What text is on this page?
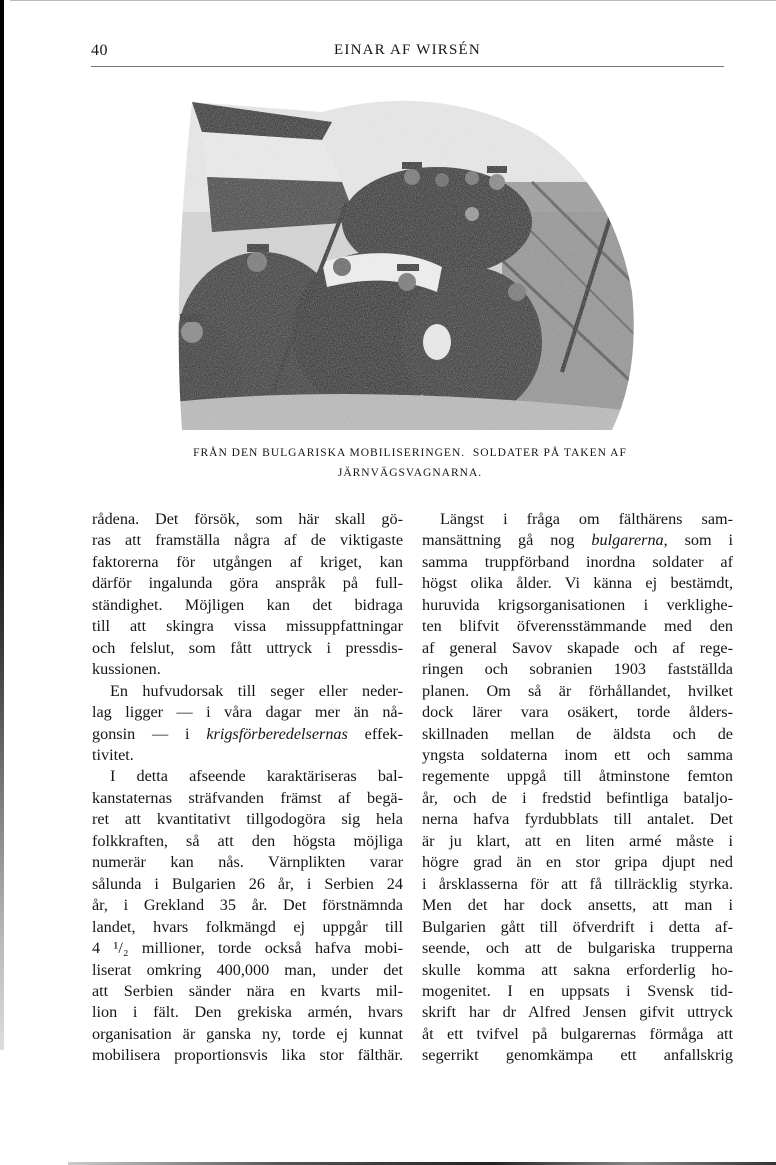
40	EINAR AF WIRSÉN
FRÅN DEN BULGARISKA MOBILISERINGEN.  SOLDATER PÅ TAKEN AF
JÄRNVÄGSVAGNARNA.
rådena. Det försök, som här skall gö-
ras att framställa några af de viktigaste
faktorerna för utgången af kriget, kan
därför ingalunda göra anspråk på full-
ständighet. Möjligen kan det bidraga
till att skingra vissa missuppfattningar
och felslut, som fått uttryck i pressdis-
kussionen.
En hufvudorsak till seger eller neder-
lag ligger — i våra dagar mer än nå-
gonsin — i krigsförberedelsernas effek-
tivitet.
I detta afseende karaktäriseras bal-
kanstaternas sträfvanden främst af begä-
ret att kvantitativt tillgodogöra sig hela
folkkraften, så att den högsta möjliga
numerär kan nås. Värnplikten varar
sålunda i Bulgarien 26 år, i Serbien 24
år, i Grekland 35 år. Det förstnämnda
landet, hvars folkmängd ej uppgår till
4 ¹/₂ millioner, torde också hafva mobi-
liserat omkring 400,000 man, under det
att Serbien sänder nära en kvarts mil-
lion i fält. Den grekiska armén, hvars
organisation är ganska ny, torde ej kunnat
mobilisera proportionsvis lika stor fälthär.
Längst i fråga om fälthärens sam-
mansättning gå nog bulgarerna, som i
samma truppförband inordna soldater af
högst olika ålder. Vi känna ej bestämdt,
huruvida krigsorganisationen i verklighe-
ten blifvit öfverensstämmande med den
af general Savov skapade och af rege-
ringen och sobranien 1903 fastställda
planen. Om så är förhållandet, hvilket
dock lärer vara osäkert, torde ålders-
skillnaden mellan de äldsta och de
yngsta soldaterna inom ett och samma
regemente uppgå till åtminstone femton
år, och de i fredstid befintliga bataljo-
nerna hafva fyrdubblats till antalet. Det
är ju klart, att en liten armé måste i
högre grad än en stor gripa djupt ned
i årsklasserna för att få tillräcklig styrka.
Men det har dock ansetts, att man i
Bulgarien gått till öfverdrift i detta af-
seende, och att de bulgariska trupperna
skulle komma att sakna erforderlig ho-
mogenitet. I en uppsats i Svensk tid-
skrift har dr Alfred Jensen gifvit uttryck
åt ett tvifvel på bulgarernas förmåga att
segerrikt genomkämpa ett anfallskrig
